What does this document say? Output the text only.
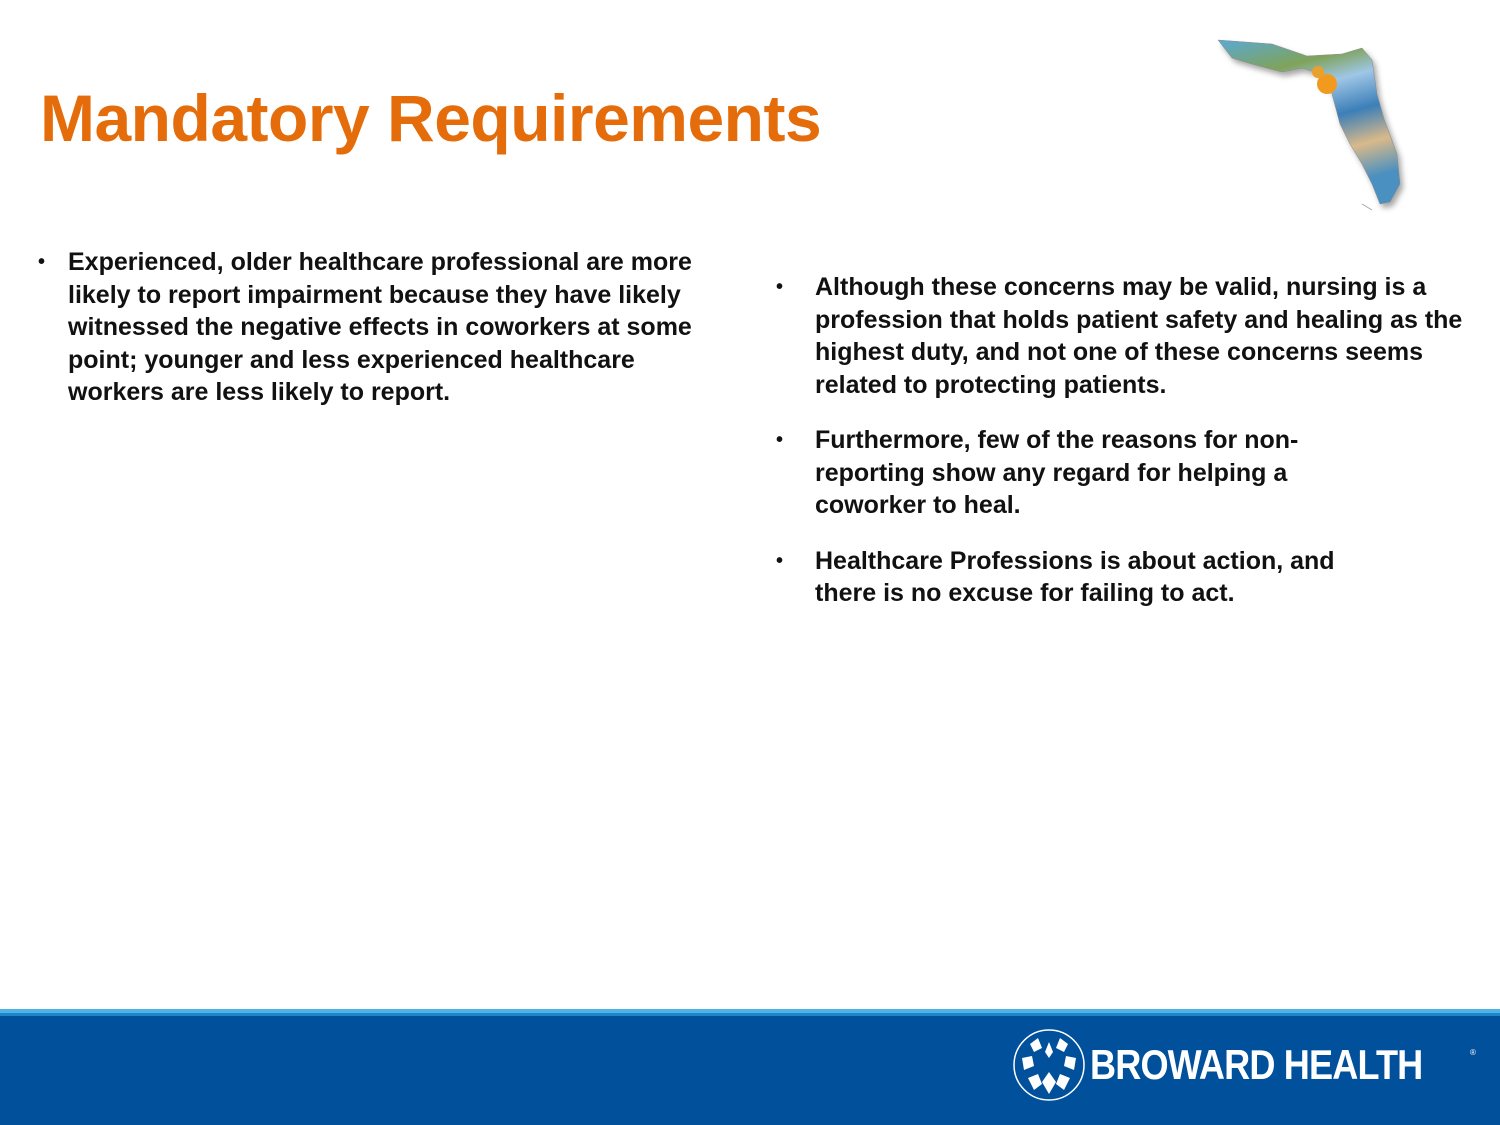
Mandatory Requirements
• Experienced, older healthcare professional are more likely to report impairment because they have likely witnessed the negative effects in coworkers at some point; younger and less experienced healthcare workers are less likely to report.
•	Although these concerns may be valid, nursing is a profession that holds patient safety and healing as the highest duty, and not one of these concerns seems related to protecting patients.
•	Furthermore, few of the reasons for non-reporting show any regard for helping a coworker to heal.
•	Healthcare Professions is about action, and there is no excuse for failing to act.
BROWARD HEALTH	®
